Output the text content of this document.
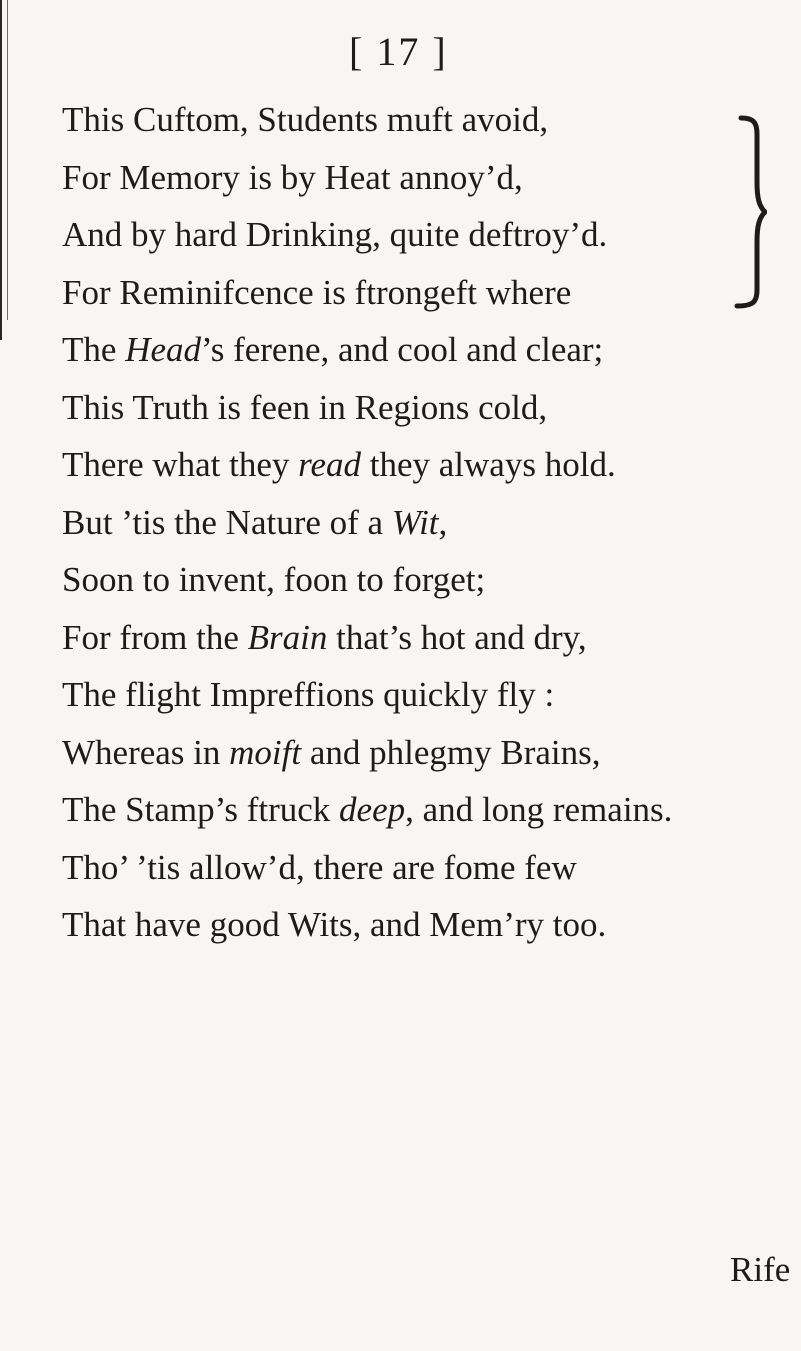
[ 17 ]
This Cuftom, Students muft avoid,
For Memory is by Heat annoy’d,
And by hard Drinking, quite deftroy’d.
For Reminifcence is ftrongeft where
The Head’s ferene, and cool and clear;
This Truth is feen in Regions cold,
There what they read they always hold.
But ’tis the Nature of a Wit,
Soon to invent, foon to forget;
For from the Brain that’s hot and dry,
The flight Impreffions quickly fly :
Whereas in moift and phlegmy Brains,
The Stamp’s ftruck deep, and long remains.
Tho’ ’tis allow’d, there are fome few
That have good Wits, and Mem’ry too.
Rife
